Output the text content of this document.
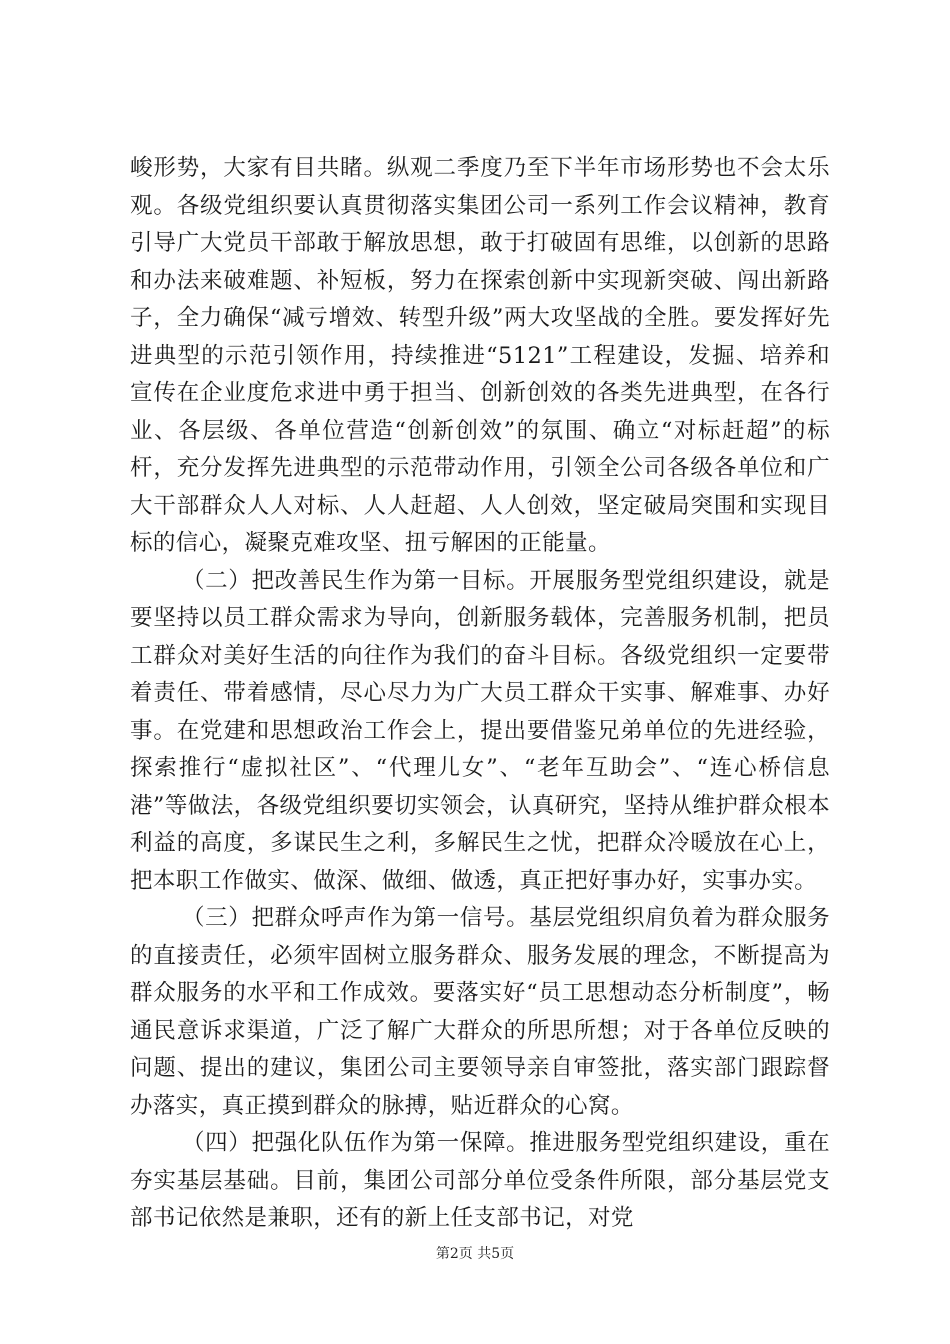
峻形势，大家有目共睹。纵观二季度乃至下半年市场形势也不会太乐观。各级党组织要认真贯彻落实集团公司一系列工作会议精神，教育引导广大党员干部敢于解放思想，敢于打破固有思维，以创新的思路和办法来破难题、补短板，努力在探索创新中实现新突破、闯出新路子，全力确保“减亏增效、转型升级”两大攻坚战的全胜。要发挥好先进典型的示范引领作用，持续推进“5121”工程建设，发掘、培养和宣传在企业度危求进中勇于担当、创新创效的各类先进典型，在各行业、各层级、各单位营造“创新创效”的氛围、确立“对标赶超”的标杆，充分发挥先进典型的示范带动作用，引领全公司各级各单位和广大干部群众人人对标、人人赶超、人人创效，坚定破局突围和实现目标的信心，凝聚克难攻坚、扭亏解困的正能量。

（二）把改善民生作为第一目标。开展服务型党组织建设，就是要坚持以员工群众需求为导向，创新服务载体，完善服务机制，把员工群众对美好生活的向往作为我们的奋斗目标。各级党组织一定要带着责任、带着感情，尽心尽力为广大员工群众干实事、解难事、办好事。在党建和思想政治工作会上，提出要借鉴兄弟单位的先进经验，探索推行“虚拟社区”、“代理儿女”、“老年互助会”、“连心桥信息港”等做法，各级党组织要切实领会，认真研究，坚持从维护群众根本利益的高度，多谋民生之利，多解民生之忧，把群众冷暖放在心上，把本职工作做实、做深、做细、做透，真正把好事办好，实事办实。

（三）把群众呼声作为第一信号。基层党组织肩负着为群众服务的直接责任，必须牢固树立服务群众、服务发展的理念，不断提高为群众服务的水平和工作成效。要落实好“员工思想动态分析制度”，畅通民意诉求渠道，广泛了解广大群众的所思所想；对于各单位反映的问题、提出的建议，集团公司主要领导亲自审签批，落实部门跟踪督办落实，真正摸到群众的脉搏，贴近群众的心窝。

（四）把强化队伍作为第一保障。推进服务型党组织建设，重在夯实基层基础。目前，集团公司部分单位受条件所限，部分基层党支部书记依然是兼职，还有的新上任支部书记，对党

第2页 共5页
